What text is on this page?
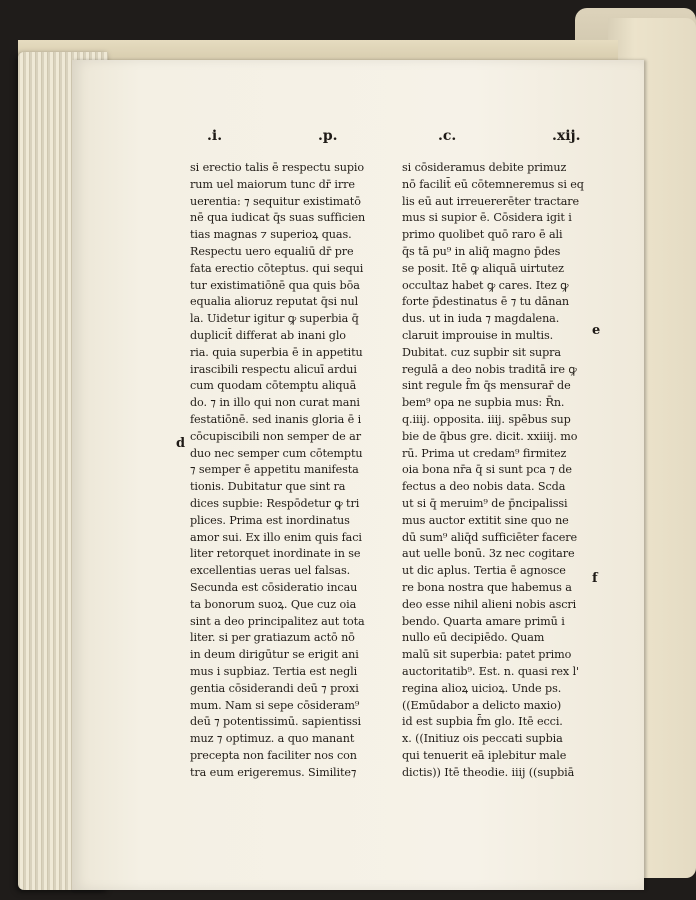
.i.	.p.	.c.	.xij.
si erectio talis ē respectu supio
rum uel maiorum tunc dr̄ irre
uerentia: ⁊ sequitur existimatō
nē qua iudicat q̄s suas sufficien
tias magnas ⁊ superioꝝ quas.
Respectu uero equaliū dr̄ pre
fata erectio cōteptus. qui sequi
tur existimatiōnē qua quis bōa
equalia alioruz reputat q̄si nul
la. Uidetur igitur ꝙ superbia q̄
duplicit̄ differat ab inani glo
ria. quia superbia ē in appetitu
irascibili respectu alicuī ardui
cum quodam cōtemptu aliquā
do. ⁊ in illo qui non curat mani
festatiōnē. sed inanis gloria ē i
cōcupiscibili non semper de ar
duo nec semper cum cōtemptu
⁊ semper ē appetitu manifesta
tionis. Dubitatur que sint ra
dices supbie: Respōdetur ꝙ tri
plices. Prima est inordinatus
amor sui. Ex illo enim quis faci
liter retorquet inordinate in se
excellentias ueras uel falsas.
Secunda est cōsideratio incau
ta bonorum suoꝝ. Que cuz oia
sint a deo principalitez aut tota
liter. si per gratiazum actō nō
in deum dirigūtur se erigit ani
mus i supbiaz. Tertia est negli
gentia cōsiderandi deū ⁊ proxi
mum. Nam si sepe cōsideram⁹
deū ⁊ potentissimū. sapientissi
muz ⁊ optimuz. a quo manant
precepta non faciliter nos con
tra eum erigeremus. Similite⁊
si cōsideramus debite primuz
nō facilit̄ eū cōtemneremus si eq
lis eū aut irreuererēter tractare
mus si supior ē. Cōsidera igit i
primo quolibet quō raro ē ali
q̄s tā pu⁹ in aliq̄ magno p̄des
se posit. Itē ꝙ aliquā uirtutez
occultaz habet ꝙ cares. Itez ꝙ
forte p̄destinatus ē ⁊ tu dānan
dus. ut in iuda ⁊ magdalena.
claruit improuise in multis.
Dubitat. cuz supbir sit supra
regulā a deo nobis traditā ire ꝙ
sint regule f̄m q̄s mensurar̄ de
bem⁹ opa ne supbia mus: R̄n.
q.iiij. opposita. iiij. spēbus sup
bie de q̄bus gre. dicit. xxiiij. mo
rū. Prima ut credam⁹ firmitez
oia bona nr̄a q̄ si sunt pca ⁊ de
fectus a deo nobis data. Scda
ut si q̄ meruim⁹ de p̄ncipalissi
mus auctor extitit sine quo ne
dū sum⁹ aliq̄d sufficiēter facere
aut uelle bonū. 3z nec cogitare
ut dic aplus. Tertia ē agnosce
re bona nostra que habemus a
deo esse nihil alieni nobis ascri
bendo. Quarta amare primū i
nullo eū decipiēdo. Quam
malū sit superbia: patet primo
auctoritatib⁹. Est. n. quasi rex l'
regina alioꝝ uicioꝝ. Unde ps.
((Emūdabor a delicto maxio)
id est supbia f̄m glo. Itē ecci.
x. ((Initiuz ois peccati supbia
qui tenuerit eā iplebitur male
dictis)) Itē theodie. iiij ((supbiā
d
e
f
